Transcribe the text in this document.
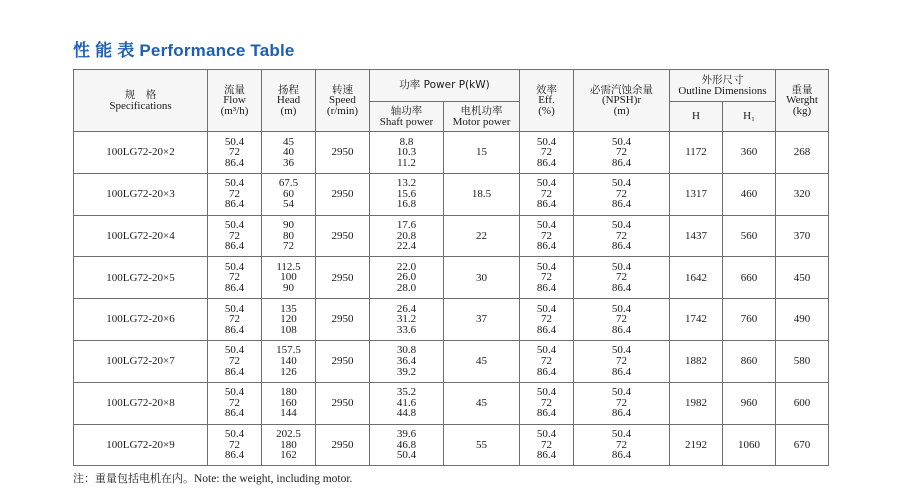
性 能 表 Performance Table
规　格
Specifications	流量
Flow
(m³/h)	扬程
Head
(m)	转速
Speed
(r/min)	功率 Power P(kW)		效率
Eff.
(%)	必需汽蚀余量
(NPSH)r
(m)	外形尺寸
Outline Dimensions		重量
Werght
(kg)

				轴功率
Shaft power	电机功率
Motor power			H	H₁	
100LG72-20×2	50.4
72
86.4	45
40
36	2950	8.8
10.3
11.2	15	50.4
72
86.4	50.4
72
86.4	1172	360	268
100LG72-20×3	50.4
72
86.4	67.5
60
54	2950	13.2
15.6
16.8	18.5	50.4
72
86.4	50.4
72
86.4	1317	460	320
100LG72-20×4	50.4
72
86.4	90
80
72	2950	17.6
20.8
22.4	22	50.4
72
86.4	50.4
72
86.4	1437	560	370
100LG72-20×5	50.4
72
86.4	112.5
100
90	2950	22.0
26.0
28.0	30	50.4
72
86.4	50.4
72
86.4	1642	660	450
100LG72-20×6	50.4
72
86.4	135
120
108	2950	26.4
31.2
33.6	37	50.4
72
86.4	50.4
72
86.4	1742	760	490
100LG72-20×7	50.4
72
86.4	157.5
140
126	2950	30.8
36.4
39.2	45	50.4
72
86.4	50.4
72
86.4	1882	860	580
100LG72-20×8	50.4
72
86.4	180
160
144	2950	35.2
41.6
44.8	45	50.4
72
86.4	50.4
72
86.4	1982	960	600
100LG72-20×9	50.4
72
86.4	202.5
180
162	2950	39.6
46.8
50.4	55	50.4
72
86.4	50.4
72
86.4	2192	1060	670

注：重量包括电机在内。Note: the weight, including motor.
